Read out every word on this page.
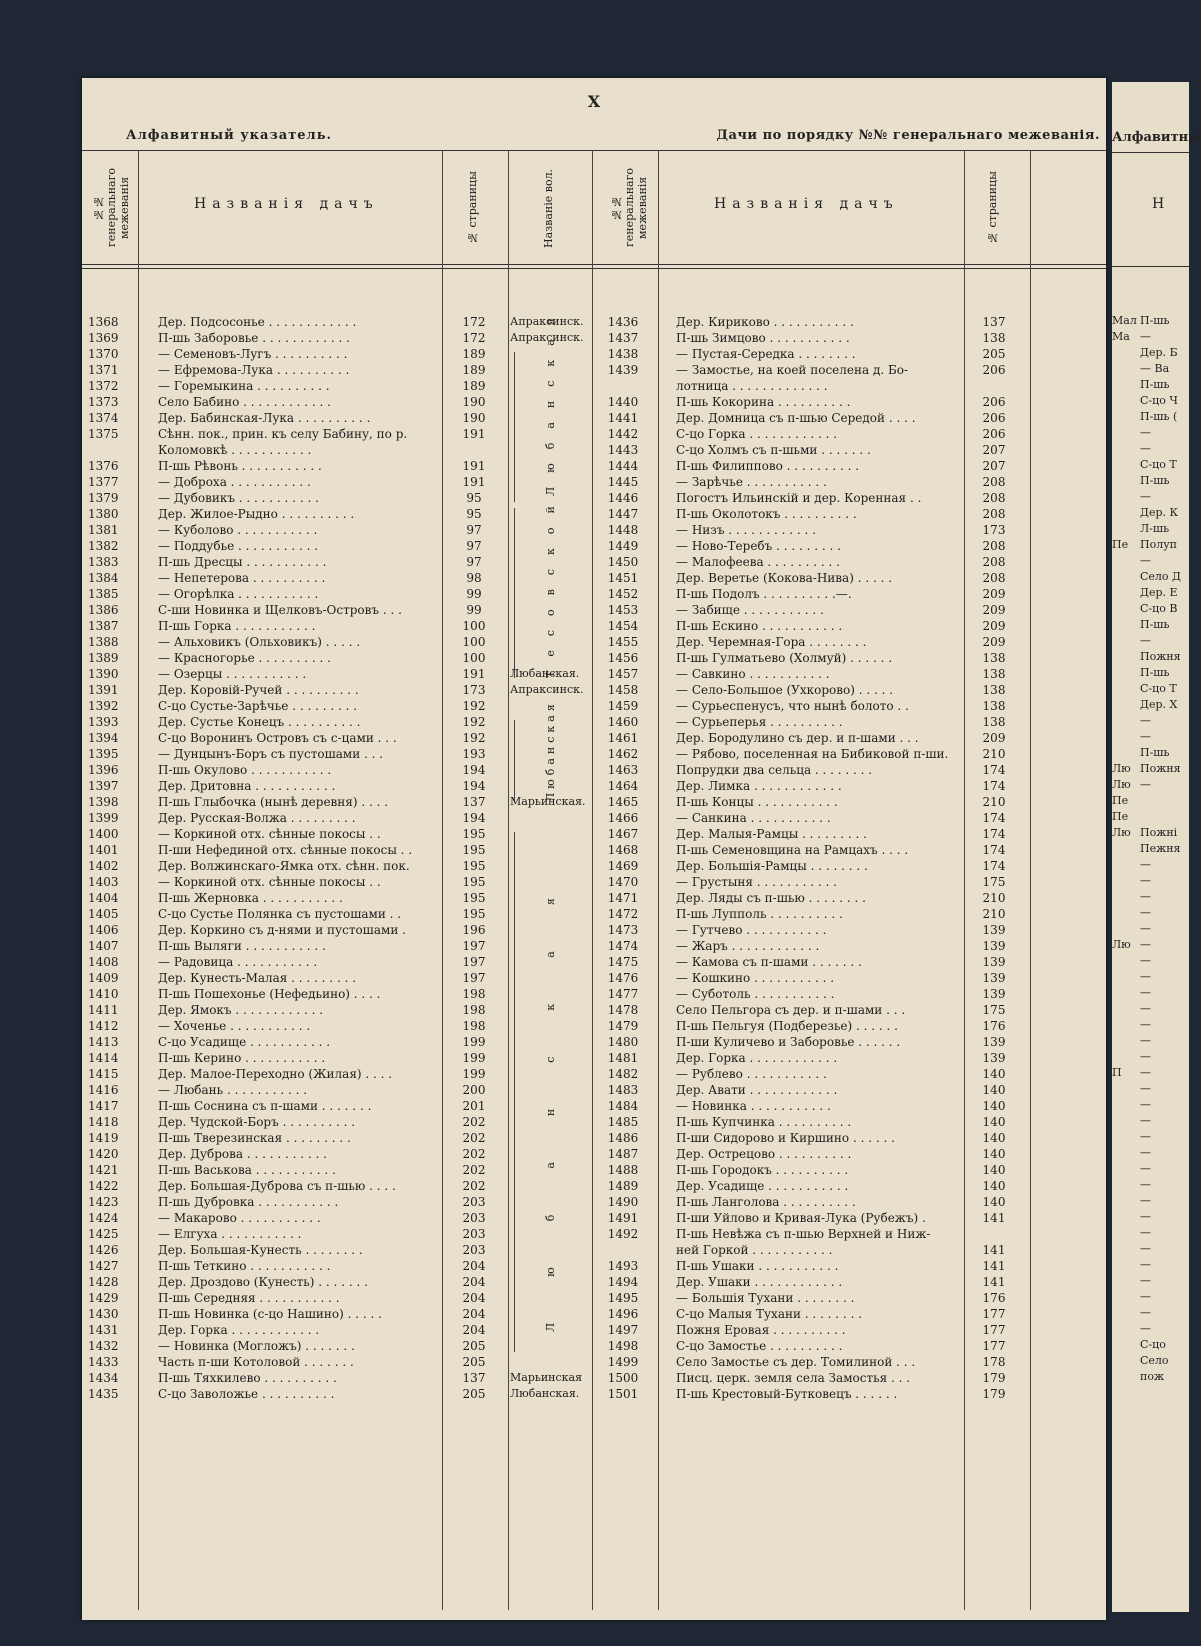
X
Алфавитный указатель.	Дачи по порядку №№ генеральнаго межеванія.
№№ генеральнаго межеванія	Названія дачъ	№ страницы	Названіе вол.	№№ генеральнаго межеванія	Названія дачъ	№ страницы
Любанская
Тесовской
Любанская
Любанская
1368	Дер. Подсосонье . . . . . . . . . . . .	172	Апраксинск.
1369	П-шь Заборовье . . . . . . . . . . . .	172	Апраксинск.
1370	— Семеновъ-Лугъ . . . . . . . . . .	189
1371	— Ефремова-Лука . . . . . . . . . .	189
1372	— Горемыкина . . . . . . . . . .	189
1373	Село Бабино . . . . . . . . . . . .	190
1374	Дер. Бабинская-Лука . . . . . . . . . .	190
1375	Сѣнн. пок., прин. къ селу Бабину, по р.	191
Коломовкѣ . . . . . . . . . . .
1376	П-шь Рѣвонь . . . . . . . . . . .	191
1377	— Доброха . . . . . . . . . . .	191
1379	— Дубовикъ . . . . . . . . . . .	95
1380	Дер. Жилое-Рыдно . . . . . . . . . .	95
1381	— Куболово . . . . . . . . . . .	97
1382	— Поддубье . . . . . . . . . . .	97
1383	П-шь Дресцы . . . . . . . . . . .	97
1384	— Непетерова . . . . . . . . . .	98
1385	— Огорѣлка . . . . . . . . . . .	99
1386	С-ши Новинка и Щелковъ-Островъ . . .	99
1387	П-шь Горка . . . . . . . . . . .	100
1388	— Альховикъ (Ольховикъ) . . . . .	100
1389	— Красногорье . . . . . . . . . .	100
1390	— Озерцы . . . . . . . . . . .	191	Любанская.
1391	Дер. Коровій-Ручей . . . . . . . . . .	173	Апраксинск.
1392	С-цо Сустье-Зарѣчье . . . . . . . . .	192
1393	Дер. Сустье Конецъ . . . . . . . . . .	192
1394	С-цо Воронинъ Островъ съ с-цами . . .	192
1395	— Дунцынъ-Боръ съ пустошами . . .	193
1396	П-шь Окулово . . . . . . . . . . .	194
1397	Дер. Дритовна . . . . . . . . . . .	194
1398	П-шь Глыбочка (нынѣ деревня) . . . .	137	Марьинская.
1399	Дер. Русская-Волжа . . . . . . . . .	194
1400	— Коркиной отх. сѣнные покосы . .	195
1401	П-ши Нефединой отх. сѣнные покосы . .	195
1402	Дер. Волжинскаго-Ямка отх. сѣнн. пок.	195
1403	— Коркиной отх. сѣнные покосы . .	195
1404	П-шь Жерновка . . . . . . . . . . .	195
1405	С-цо Сустье Полянка съ пустошами . .	195
1406	Дер. Коркино съ д-нями и пустошами .	196
1407	П-шь Выляги . . . . . . . . . . .	197
1408	— Радовица . . . . . . . . . . .	197
1409	Дер. Кунесть-Малая . . . . . . . . .	197
1410	П-шь Пошехонье (Нефедьино) . . . .	198
1411	Дер. Ямокъ . . . . . . . . . . . .	198
1412	— Хоченье . . . . . . . . . . .	198
1413	С-цо Усадище . . . . . . . . . . .	199
1414	П-шь Керино . . . . . . . . . . .	199
1415	Дер. Малое-Переходно (Жилая) . . . .	199
1416	— Любань . . . . . . . . . . .	200
1417	П-шь Соснина съ п-шами . . . . . . .	201
1418	Дер. Чудской-Боръ . . . . . . . . . .	202
1419	П-шь Тверезинская . . . . . . . . .	202
1420	Дер. Дуброва . . . . . . . . . . .	202
1421	П-шь Васькова . . . . . . . . . . .	202
1422	Дер. Большая-Дуброва съ п-шью . . . .	202
1423	П-шь Дубровка . . . . . . . . . . .	203
1424	— Макарово . . . . . . . . . . .	203
1425	— Елгуха . . . . . . . . . . .	203
1426	Дер. Большая-Кунесть . . . . . . . .	203
1427	П-шь Теткино . . . . . . . . . . .	204
1428	Дер. Дроздово (Кунесть) . . . . . . .	204
1429	П-шь Середняя . . . . . . . . . . .	204
1430	П-шь Новинка (с-цо Нашино) . . . . .	204
1431	Дер. Горка . . . . . . . . . . . .	204
1432	— Новинка (Могложъ) . . . . . . .	205
1433	Часть п-ши Котоловой . . . . . . .	205
1434	П-шь Тяхкилево . . . . . . . . . .	137	Марьинская
1435	С-цо Заволожье . . . . . . . . . .	205	Любанская.
1436	Дер. Кириково . . . . . . . . . . .	137
1437	П-шь Зимцово . . . . . . . . . . .	138
1438	— Пустая-Середка . . . . . . . .	205
1439	— Замостье, на коей поселена д. Бо-	206
лотница . . . . . . . . . . . . .
1440	П-шь Кокорина . . . . . . . . . .	206
1441	Дер. Домница съ п-шью Середой . . . .	206
1442	С-цо Горка . . . . . . . . . . . .	206
1443	С-цо Холмъ съ п-шьми . . . . . . .	207
1444	П-шь Филиппово . . . . . . . . . .	207
1445	— Зарѣчье . . . . . . . . . . .	208
1446	Погостъ Ильинскій и дер. Коренная . .	208
1447	П-шь Околотокъ . . . . . . . . . .	208
1448	— Низъ . . . . . . . . . . . .	173
1449	— Ново-Теребъ . . . . . . . . .	208
1450	— Малофеева . . . . . . . . . .	208
1451	Дер. Веретье (Кокова-Нива) . . . . .	208
1452	П-шь Подолъ . . . . . . . . . .—.	209
1453	— Забище . . . . . . . . . . .	209
1454	П-шь Ескино . . . . . . . . . . .	209
1455	Дер. Черемная-Гора . . . . . . . .	209
1456	П-шь Гулматьево (Холмуй) . . . . . .	138
1457	— Савкино . . . . . . . . . . .	138
1458	— Село-Большое (Ухкорово) . . . . .	138
1459	— Сурьеспенусъ, что нынѣ болото . .	138
1460	— Сурьеперья . . . . . . . . . .	138
1461	Дер. Бородулино съ дер. и п-шами . . .	209
1462	— Рябово, поселенная на Бибиковой п-ши.	210
1463	Попрудки два сельца . . . . . . . .	174
1464	Дер. Лимка . . . . . . . . . . . .	174
1465	П-шь Концы . . . . . . . . . . .	210
1466	— Санкина . . . . . . . . . . .	174
1467	Дер. Малыя-Рамцы . . . . . . . . .	174
1468	П-шь Семеновщина на Рамцахъ . . . .	174
1469	Дер. Большія-Рамцы . . . . . . . .	174
1470	— Грустыня . . . . . . . . . . .	175
1471	Дер. Ляды съ п-шью . . . . . . . .	210
1472	П-шь Лупполь . . . . . . . . . .	210
1473	— Гутчево . . . . . . . . . . .	139
1474	— Жаръ . . . . . . . . . . . .	139
1475	— Камова съ п-шами . . . . . . .	139
1476	— Кошкино . . . . . . . . . . .	139
1477	— Суботоль . . . . . . . . . . .	139
1478	Село Пельгора съ дер. и п-шами . . .	175
1479	П-шь Пельгуя (Подберезье) . . . . . .	176
1480	П-ши Куличево и Заборовье . . . . . .	139
1481	Дер. Горка . . . . . . . . . . . .	139
1482	— Рублево . . . . . . . . . . .	140
1483	Дер. Авати . . . . . . . . . . . .	140
1484	— Новинка . . . . . . . . . . .	140
1485	П-шь Купчинка . . . . . . . . . .	140
1486	П-ши Сидорово и Киршино . . . . . .	140
1487	Дер. Острецово . . . . . . . . . .	140
1488	П-шь Городокъ . . . . . . . . . .	140
1489	Дер. Усадище . . . . . . . . . . .	140
1490	П-шь Ланголова . . . . . . . . . .	140
1491	П-ши Уйлово и Кривая-Лука (Рубежъ) .	141
1492	П-шь Невѣжа съ п-шью Верхней и Ниж-
ней Горкой . . . . . . . . . . .	141
1493	П-шь Ушаки . . . . . . . . . . .	141
1494	Дер. Ушаки . . . . . . . . . . . .	141
1495	— Большія Тухани . . . . . . . .	176
1496	С-цо Малыя Тухани . . . . . . . .	177
1497	Пожня Еровая . . . . . . . . . .	177
1498	С-цо Замостье . . . . . . . . . .	177
1499	Село Замостье съ дер. Томилиной . . .	178
1500	Писц. церк. земля села Замостья . . .	179
1501	П-шь Крестовый-Бутковецъ . . . . . .	179
Алфавитны
Н
Мал П-шь
Ма —
Дер. Б
— Ва
П-шь
С-цо Ч
П-шь (
—
—
С-цо Т
П-шь
—
Дер. К
Л-шь
Пе Полуп
—
Село Д
Дер. Е
С-цо В
П-шь
—
Пожня
П-шь
С-цо Т
Дер. Х
—
—
П-шь
Лю Пожня
Лю —
Пе
Пе
Лю Пожні
Пежня
—
—
—
—
—
Лю —
—
—
—
—
—
—
—
П —
—
—
—
—
—
—
—
—
—
—
—
—
—
—
—
—
С-цо
Село
пож
